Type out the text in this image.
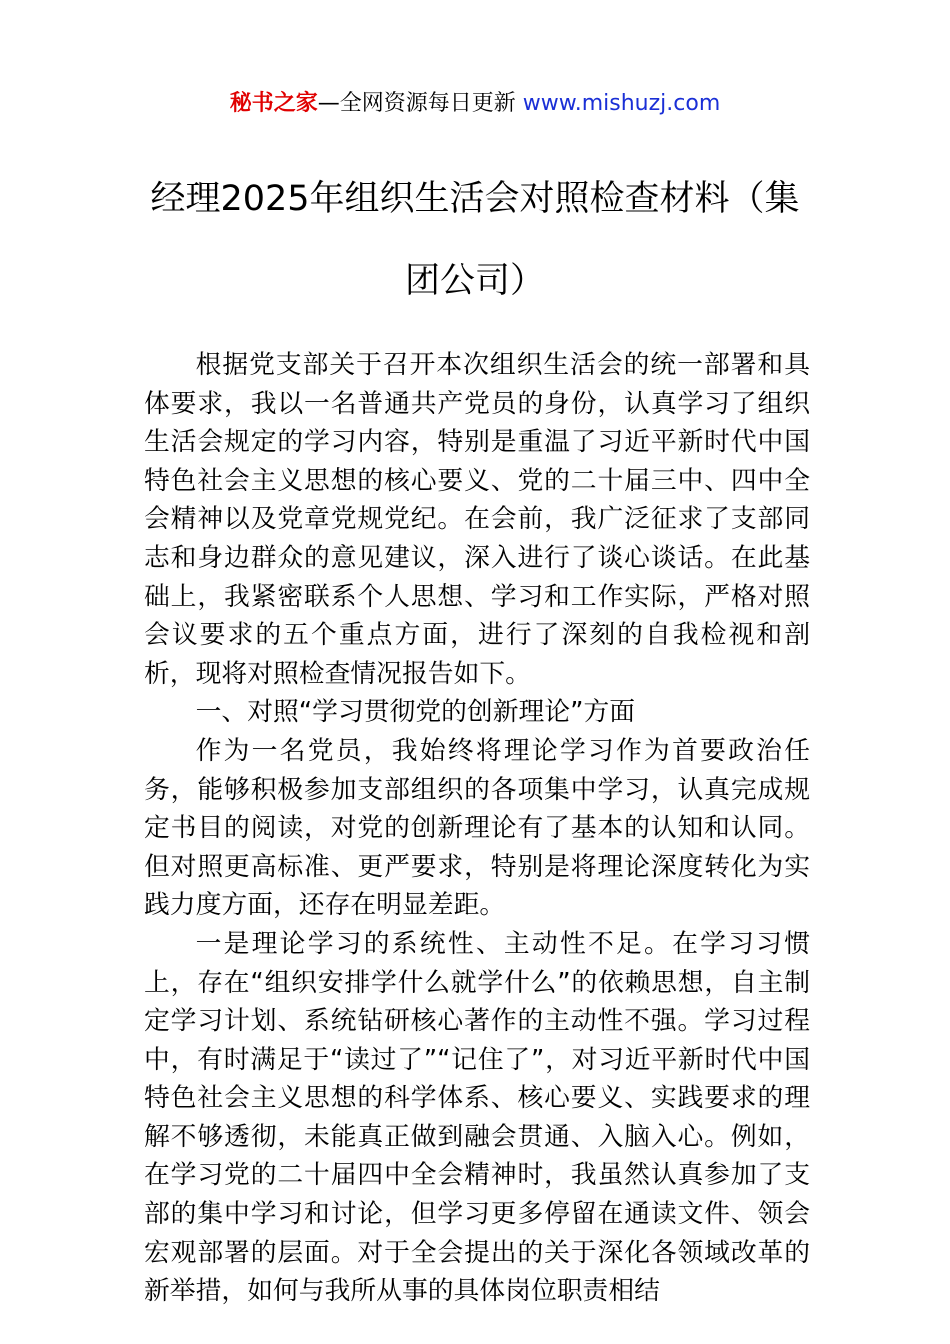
秘书之家—全网资源每日更新 www.mishuzj.com
经理2025年组织生活会对照检查材料（集团公司）

根据党支部关于召开本次组织生活会的统一部署和具体要求，我以一名普通共产党员的身份，认真学习了组织生活会规定的学习内容，特别是重温了习近平新时代中国特色社会主义思想的核心要义、党的二十届三中、四中全会精神以及党章党规党纪。在会前，我广泛征求了支部同志和身边群众的意见建议，深入进行了谈心谈话。在此基础上，我紧密联系个人思想、学习和工作实际，严格对照会议要求的五个重点方面，进行了深刻的自我检视和剖析，现将对照检查情况报告如下。

一、对照“学习贯彻党的创新理论”方面

作为一名党员，我始终将理论学习作为首要政治任务，能够积极参加支部组织的各项集中学习，认真完成规定书目的阅读，对党的创新理论有了基本的认知和认同。但对照更高标准、更严要求，特别是将理论深度转化为实践力度方面，还存在明显差距。

一是理论学习的系统性、主动性不足。在学习习惯上，存在“组织安排学什么就学什么”的依赖思想，自主制定学习计划、系统钻研核心著作的主动性不强。学习过程中，有时满足于“读过了”“记住了”，对习近平新时代中国特色社会主义思想的科学体系、核心要义、实践要求的理解不够透彻，未能真正做到融会贯通、入脑入心。例如，在学习党的二十届四中全会精神时，我虽然认真参加了支部的集中学习和讨论，但学习更多停留在通读文件、领会宏观部署的层面。对于全会提出的关于深化各领域改革的新举措，如何与我所从事的具体岗位职责相结
